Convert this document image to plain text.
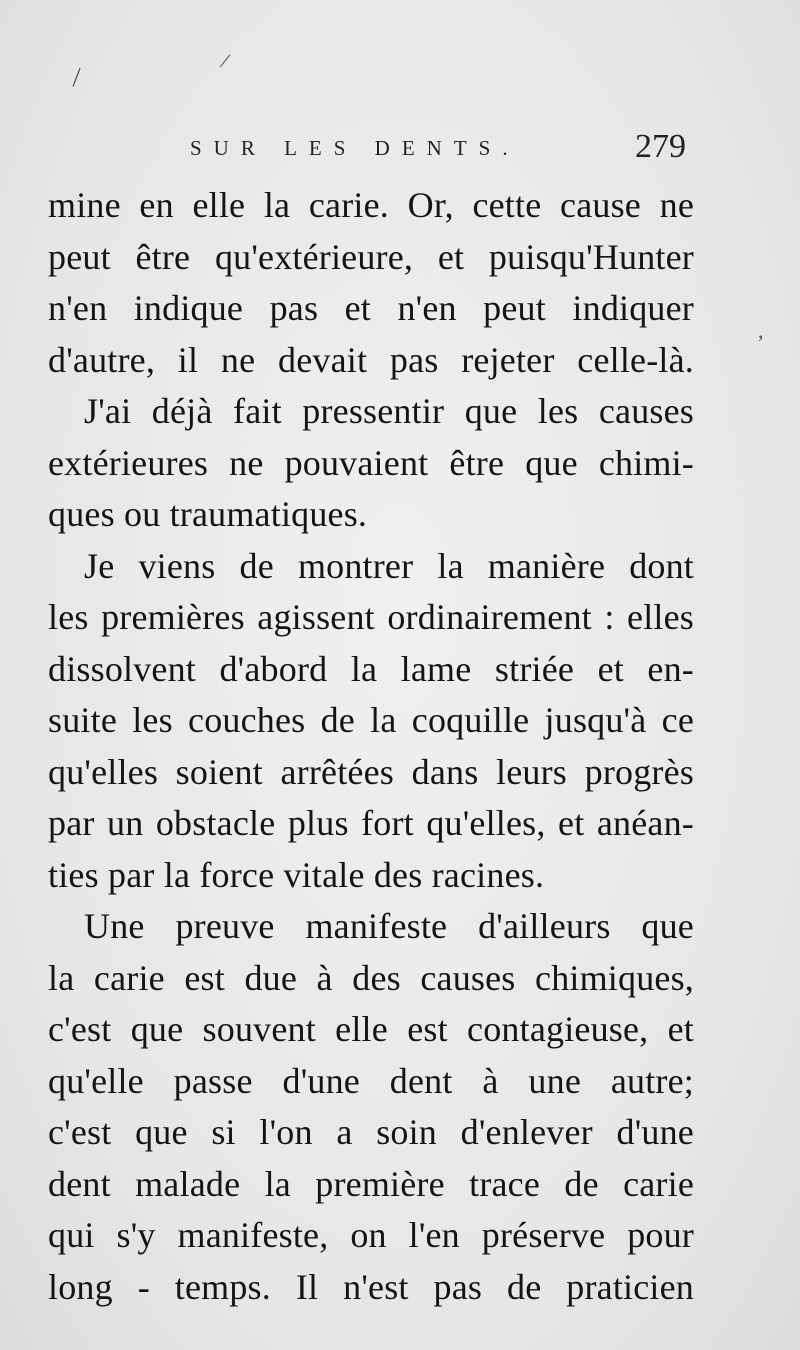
\
/
,
SUR LES DENTS.	279
mine en elle la carie. Or, cette cause ne
peut être qu'extérieure, et puisqu'Hunter
n'en indique pas et n'en peut indiquer
d'autre, il ne devait pas rejeter celle-là.
J'ai déjà fait pressentir que les causes
extérieures ne pouvaient être que chimi-
ques ou traumatiques.
Je viens de montrer la manière dont
les premières agissent ordinairement : elles
dissolvent d'abord la lame striée et en-
suite les couches de la coquille jusqu'à ce
qu'elles soient arrêtées dans leurs progrès
par un obstacle plus fort qu'elles, et anéan-
ties par la force vitale des racines.
Une preuve manifeste d'ailleurs que
la carie est due à des causes chimiques,
c'est que souvent elle est contagieuse, et
qu'elle passe d'une dent à une autre;
c'est que si l'on a soin d'enlever d'une
dent malade la première trace de carie
qui s'y manifeste, on l'en préserve pour
long - temps. Il n'est pas de praticien
